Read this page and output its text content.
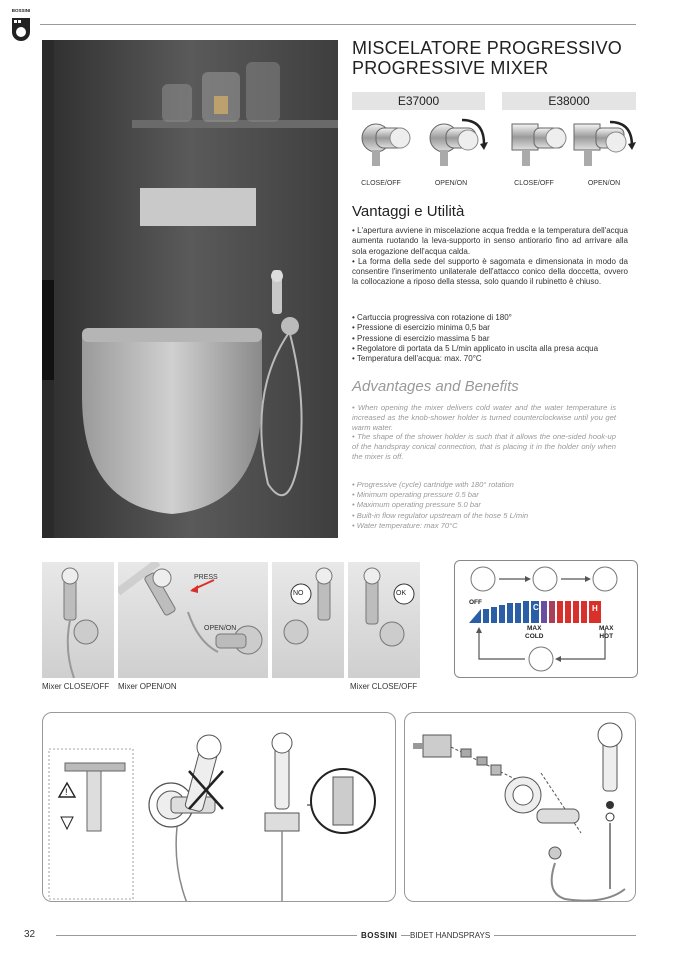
BOSSINI
MISCELATORE PROGRESSIVO
PROGRESSIVE MIXER
E37000	E38000
CLOSE/OFF	OPEN/ON	CLOSE/OFF	OPEN/ON
Vantaggi e Utilità

• L'apertura avviene in miscelazione acqua fredda e la temperatura dell'acqua aumenta ruotando la leva-supporto in senso antiorario fino ad arrivare alla sola erogazione dell'acqua calda.

• La forma della sede del supporto è sagomata e dimensionata in modo da consentire l'inserimento unilaterale dell'attacco conico della doccetta, ovvero la collocazione a riposo della stessa, solo quando il rubinetto è chiuso.

• Cartuccia progressiva con rotazione di 180°
• Pressione di esercizio minima 0,5 bar
• Pressione di esercizio massima 5 bar
• Regolatore di portata da 5 L/min applicato in uscita alla presa acqua
• Temperatura dell'acqua: max. 70°C
Advantages and Benefits

• When opening the mixer delivers cold water and the water temperature is increased as the knob-shower holder is turned counterclockwise until you get warm water.

• The shape of the shower holder is such that it allows the one-sided hook-up of the handspray conical connection, that is placing it in the holder only when the mixer is off.

• Progressive (cycle) cartridge with 180° rotation
• Minimum operating pressure 0.5 bar
• Maximum operating pressure 5.0 bar
• Built-in flow regulator upstream of the hose 5 L/min
• Water temperature: max 70°C
PRESS
OPEN/ON
NO	OK
Mixer CLOSE/OFF Mixer OPEN/ON	Mixer CLOSE/OFF
OFF
MAX
COLD
MAX
HOT
C	H
!
32	BOSSINI	BIDET HANDSPRAYS
